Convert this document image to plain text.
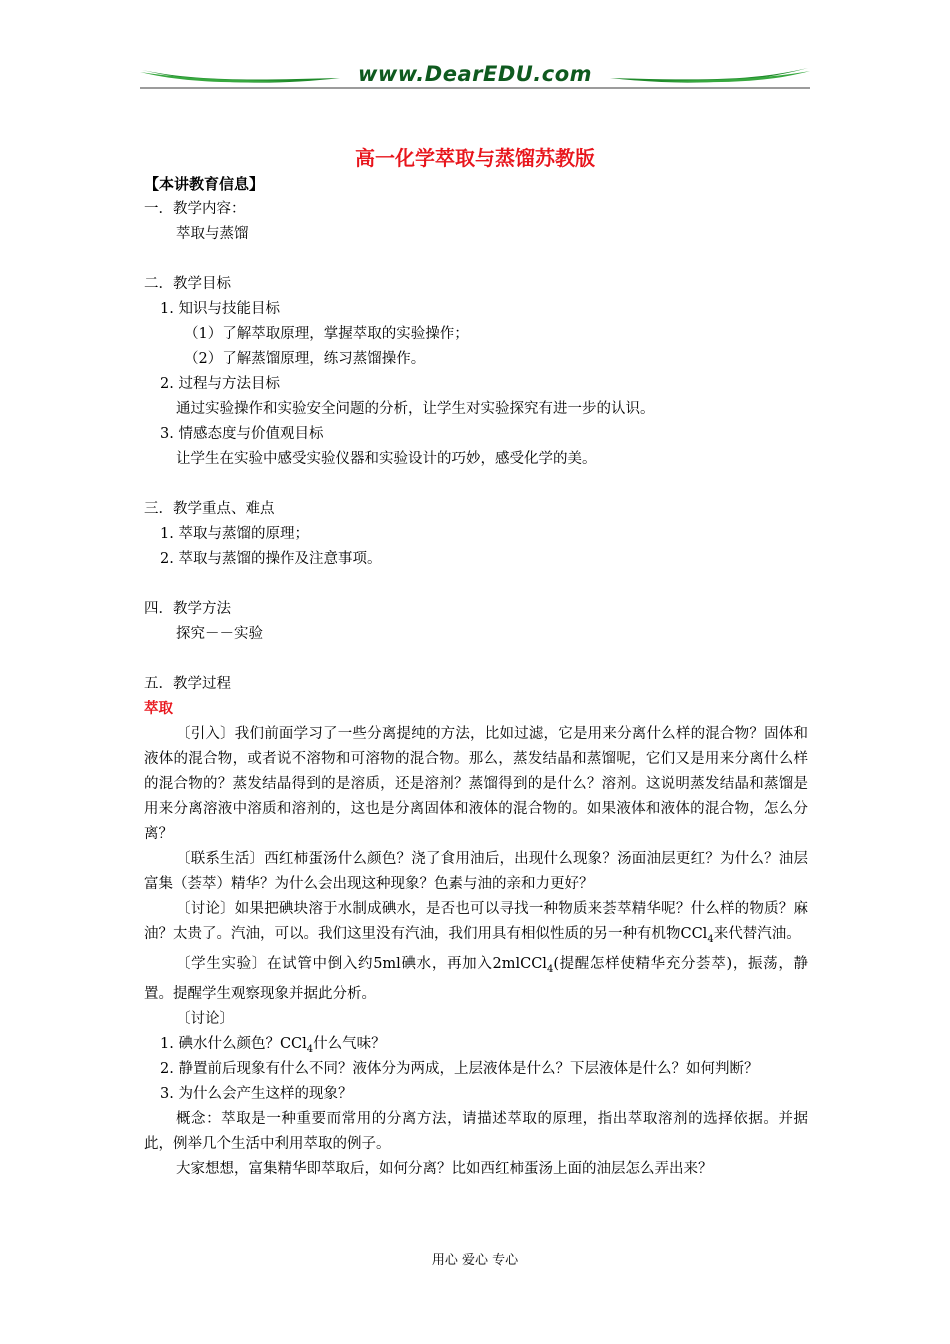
www.DearEDU.com
高一化学萃取与蒸馏苏教版
【本讲教育信息】
一．教学内容：
萃取与蒸馏
二．教学目标
1. 知识与技能目标
（1）了解萃取原理，掌握萃取的实验操作；
（2）了解蒸馏原理，练习蒸馏操作。
2. 过程与方法目标
通过实验操作和实验安全问题的分析，让学生对实验探究有进一步的认识。
3. 情感态度与价值观目标
让学生在实验中感受实验仪器和实验设计的巧妙，感受化学的美。
三．教学重点、难点
1. 萃取与蒸馏的原理；
2. 萃取与蒸馏的操作及注意事项。
四．教学方法
探究－－实验
五．教学过程
萃取
〔引入〕我们前面学习了一些分离提纯的方法，比如过滤，它是用来分离什么样的混合物？固体和液体的混合物，或者说不溶物和可溶物的混合物。那么，蒸发结晶和蒸馏呢，它们又是用来分离什么样的混合物的？蒸发结晶得到的是溶质，还是溶剂？蒸馏得到的是什么？溶剂。这说明蒸发结晶和蒸馏是用来分离溶液中溶质和溶剂的，这也是分离固体和液体的混合物的。如果液体和液体的混合物，怎么分离？
〔联系生活〕西红柿蛋汤什么颜色？浇了食用油后，出现什么现象？汤面油层更红？为什么？油层富集（荟萃）精华？为什么会出现这种现象？色素与油的亲和力更好？
〔讨论〕如果把碘块溶于水制成碘水，是否也可以寻找一种物质来荟萃精华呢？什么样的物质？麻油？太贵了。汽油，可以。我们这里没有汽油，我们用具有相似性质的另一种有机物CCl$_4$来代替汽油。
〔学生实验〕在试管中倒入约5ml碘水，再加入2mlCCl$_4$(提醒怎样使精华充分荟萃)，振荡，静置。提醒学生观察现象并据此分析。
〔讨论〕
1. 碘水什么颜色？CCl$_4$什么气味？
2. 静置前后现象有什么不同？液体分为两成，上层液体是什么？下层液体是什么？如何判断？
3. 为什么会产生这样的现象？
概念：萃取是一种重要而常用的分离方法，请描述萃取的原理，指出萃取溶剂的选择依据。并据此，例举几个生活中利用萃取的例子。
大家想想，富集精华即萃取后，如何分离？比如西红柿蛋汤上面的油层怎么弄出来？
用心 爱心 专心
